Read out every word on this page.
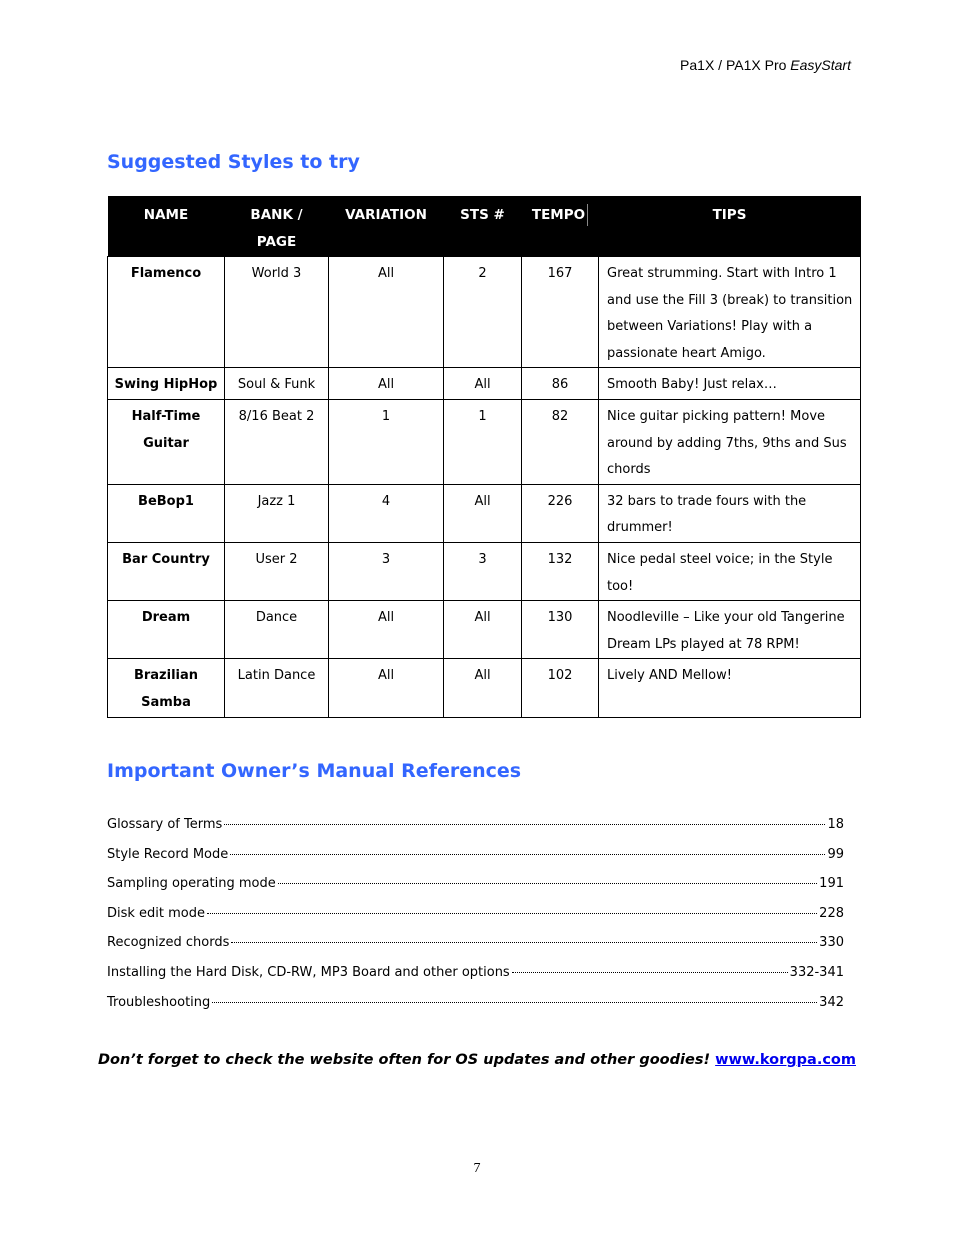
Pa1X / PA1X Pro EasyStart
Suggested Styles to try
NAME	BANK / PAGE	VARIATION	STS #	TEMPO	TIPS
Flamenco	World 3	All	2	167	Great strumming. Start with Intro 1 and use the Fill 3 (break) to transition between Variations! Play with a passionate heart Amigo.
Swing HipHop	Soul & Funk	All	All	86	Smooth Baby! Just relax…
Half-Time Guitar	8/16 Beat 2	1	1	82	Nice guitar picking pattern! Move around by adding 7ths, 9ths and Sus chords
BeBop1	Jazz 1	4	All	226	32 bars to trade fours with the drummer!
Bar Country	User 2	3	3	132	Nice pedal steel voice; in the Style too!
Dream	Dance	All	All	130	Noodleville – Like your old Tangerine Dream LPs played at 78 RPM!
Brazilian Samba	Latin Dance	All	All	102	Lively AND Mellow!
Important Owner’s Manual References
Glossary of Terms	18
Style Record Mode	99
Sampling operating mode	191
Disk edit mode	228
Recognized chords	330
Installing the Hard Disk, CD-RW, MP3 Board and other options	332-341
Troubleshooting	342
Don’t forget to check the website often for OS updates and other goodies! www.korgpa.com
7
